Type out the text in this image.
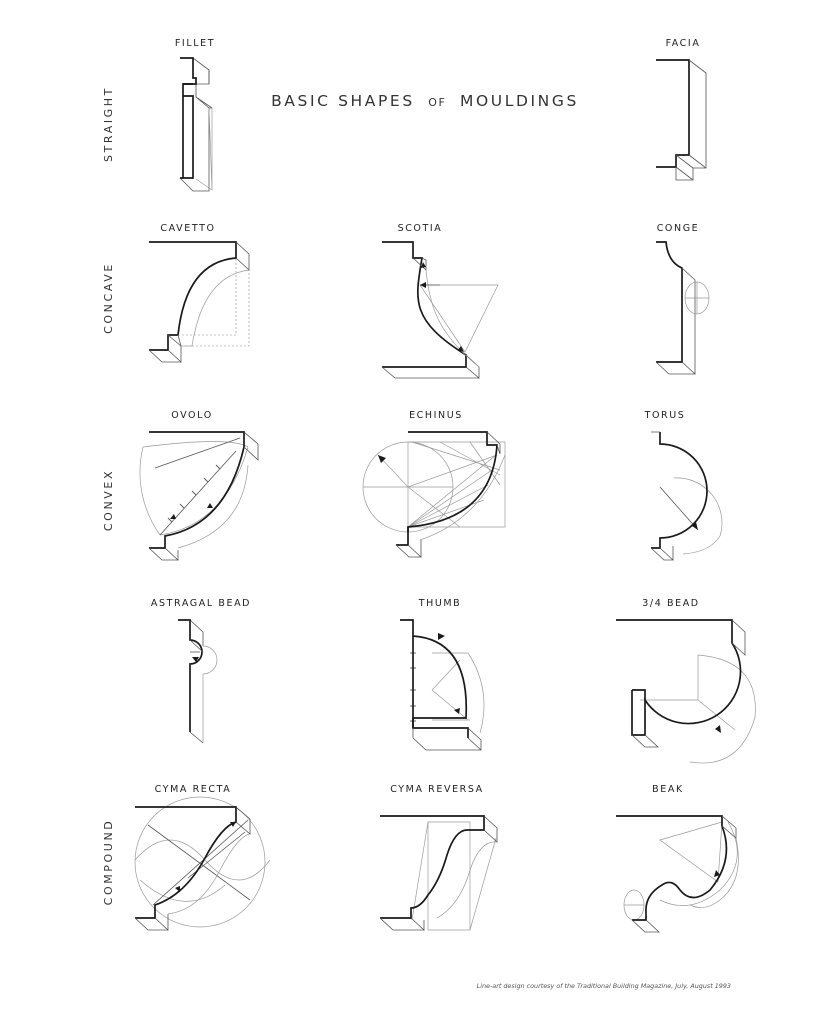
BASIC SHAPES OF MOULDINGS
STRAIGHT
CONCAVE
CONVEX
COMPOUND
FILLET	FACIA
CAVETTO	SCOTIA	CONGE
OVOLO	ECHINUS	TORUS
ASTRAGAL BEAD	THUMB	3/4 BEAD
CYMA RECTA	CYMA REVERSA	BEAK
Line-art design courtesy of the Traditional Building Magazine, July, August 1993
